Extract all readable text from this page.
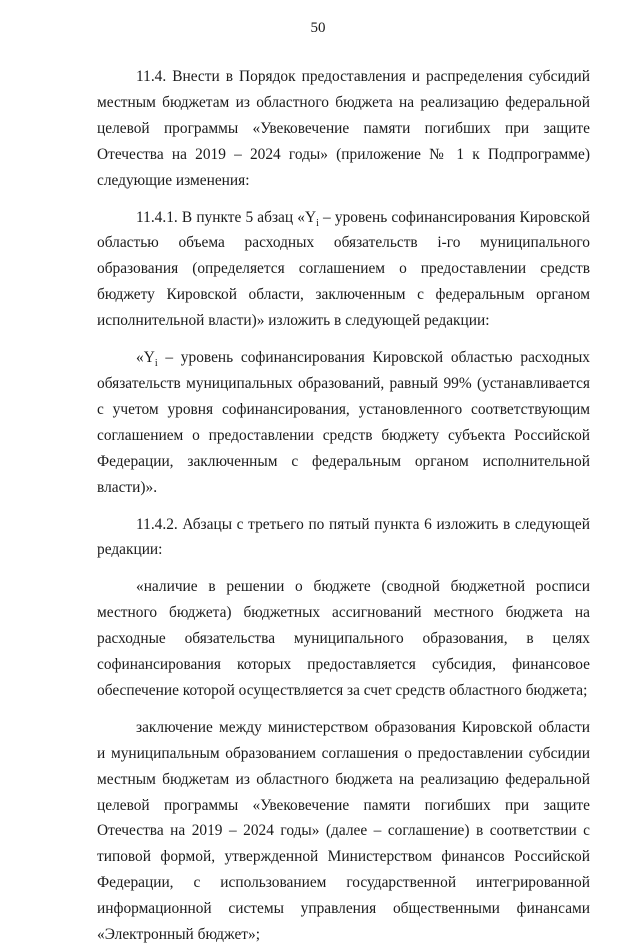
50

11.4. Внести в Порядок предоставления и распределения субсидий местным бюджетам из областного бюджета на реализацию федеральной целевой программы «Увековечение памяти погибших при защите Отечества на 2019 – 2024 годы» (приложение № 1 к Подпрограмме) следующие изменения:

11.4.1. В пункте 5 абзац «$Y_i$ – уровень софинансирования Кировской областью объема расходных обязательств i-го муниципального образования (определяется соглашением о предоставлении средств бюджету Кировской области, заключенным с федеральным органом исполнительной власти)» изложить в следующей редакции:

«$Y_i$ – уровень софинансирования Кировской областью расходных обязательств муниципальных образований, равный 99% (устанавливается с учетом уровня софинансирования, установленного соответствующим соглашением о предоставлении средств бюджету субъекта Российской Федерации, заключенным с федеральным органом исполнительной власти)».

11.4.2. Абзацы с третьего по пятый пункта 6 изложить в следующей редакции:

«наличие в решении о бюджете (сводной бюджетной росписи местного бюджета) бюджетных ассигнований местного бюджета на расходные обязательства муниципального образования, в целях софинансирования которых предоставляется субсидия, финансовое обеспечение которой осуществляется за счет средств областного бюджета;

заключение между министерством образования Кировской области и муниципальным образованием соглашения о предоставлении субсидии местным бюджетам из областного бюджета на реализацию федеральной целевой программы «Увековечение памяти погибших при защите Отечества на 2019 – 2024 годы» (далее – соглашение) в соответствии с типовой формой, утвержденной Министерством финансов Российской Федерации, с использованием государственной интегрированной информационной системы управления общественными финансами «Электронный бюджет»;
